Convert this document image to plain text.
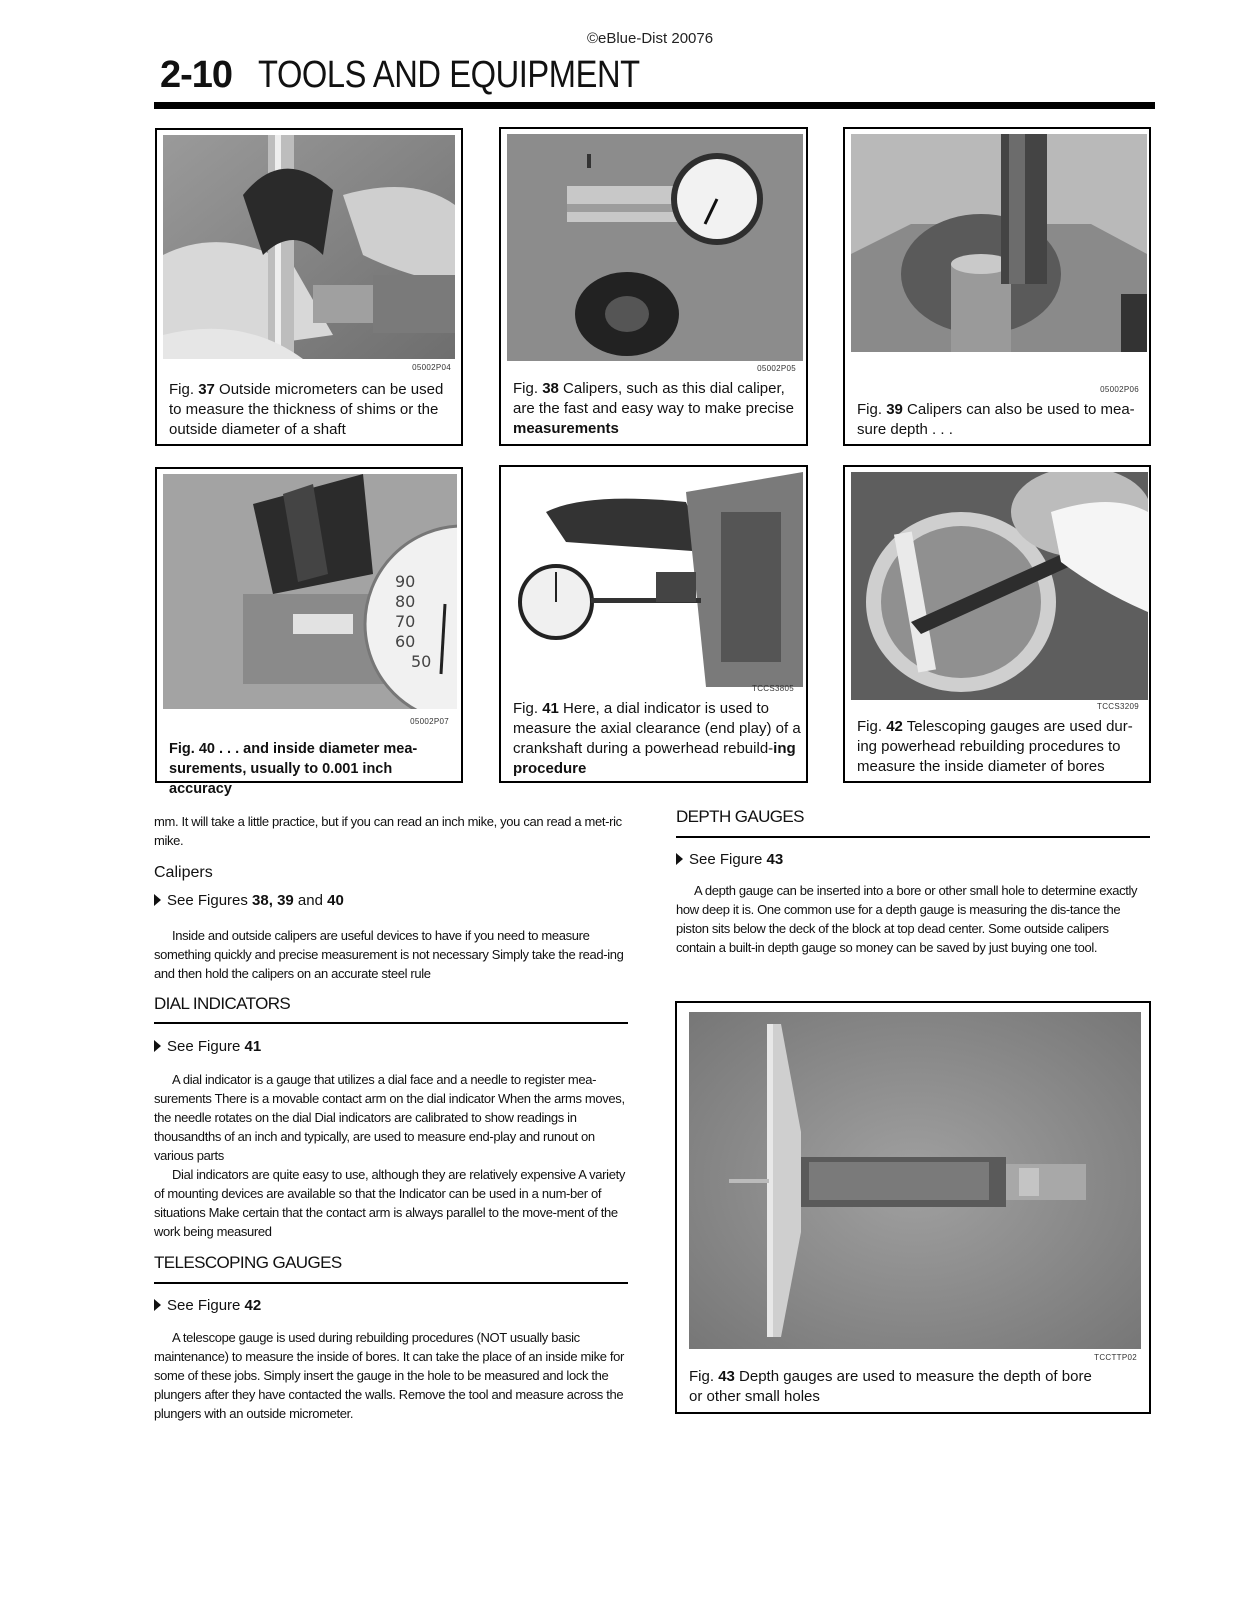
©eBlue-Dist 20076
2-10 TOOLS AND EQUIPMENT
05002P04
Fig. 37 Outside micrometers can be used to measure the thickness of shims or the outside diameter of a shaft
05002P05
Fig. 38 Calipers, such as this dial caliper, are the fast and easy way to make precise measurements
05002P06
Fig. 39 Calipers can also be used to mea-sure depth . . .
90
80
70
60
50
05002P07
Fig. 40 . . . and inside diameter mea-surements, usually to 0.001 inch accuracy
TCCS3805
Fig. 41 Here, a dial indicator is used to measure the axial clearance (end play) of a crankshaft during a powerhead rebuild-ing procedure
TCCS3209
Fig. 42 Telescoping gauges are used dur-ing powerhead rebuilding procedures to measure the inside diameter of bores
mm. It will take a little practice, but if you can read an inch mike, you can read a met-ric mike.
Calipers
See Figures 38, 39 and 40
Inside and outside calipers are useful devices to have if you need to measure something quickly and precise measurement is not necessary Simply take the read-ing and then hold the calipers on an accurate steel rule
DIAL INDICATORS
See Figure 41

A dial indicator is a gauge that utilizes a dial face and a needle to register mea-surements There is a movable contact arm on the dial indicator When the arms moves, the needle rotates on the dial Dial indicators are calibrated to show readings in thousandths of an inch and typically, are used to measure end-play and runout on various parts

Dial indicators are quite easy to use, although they are relatively expensive A variety of mounting devices are available so that the Indicator can be used in a num-ber of situations Make certain that the contact arm is always parallel to the move-ment of the work being measured

TELESCOPING GAUGES
See Figure 42
A telescope gauge is used during rebuilding procedures (NOT usually basic maintenance) to measure the inside of bores. It can take the place of an inside mike for some of these jobs. Simply insert the gauge in the hole to be measured and lock the plungers after they have contacted the walls. Remove the tool and measure across the plungers with an outside micrometer.
DEPTH GAUGES
See Figure 43
A depth gauge can be inserted into a bore or other small hole to determine exactly how deep it is. One common use for a depth gauge is measuring the dis-tance the piston sits below the deck of the block at top dead center. Some outside calipers contain a built-in depth gauge so money can be saved by just buying one tool.
TCCTTP02
Fig. 43 Depth gauges are used to measure the depth of bore or other small holes
